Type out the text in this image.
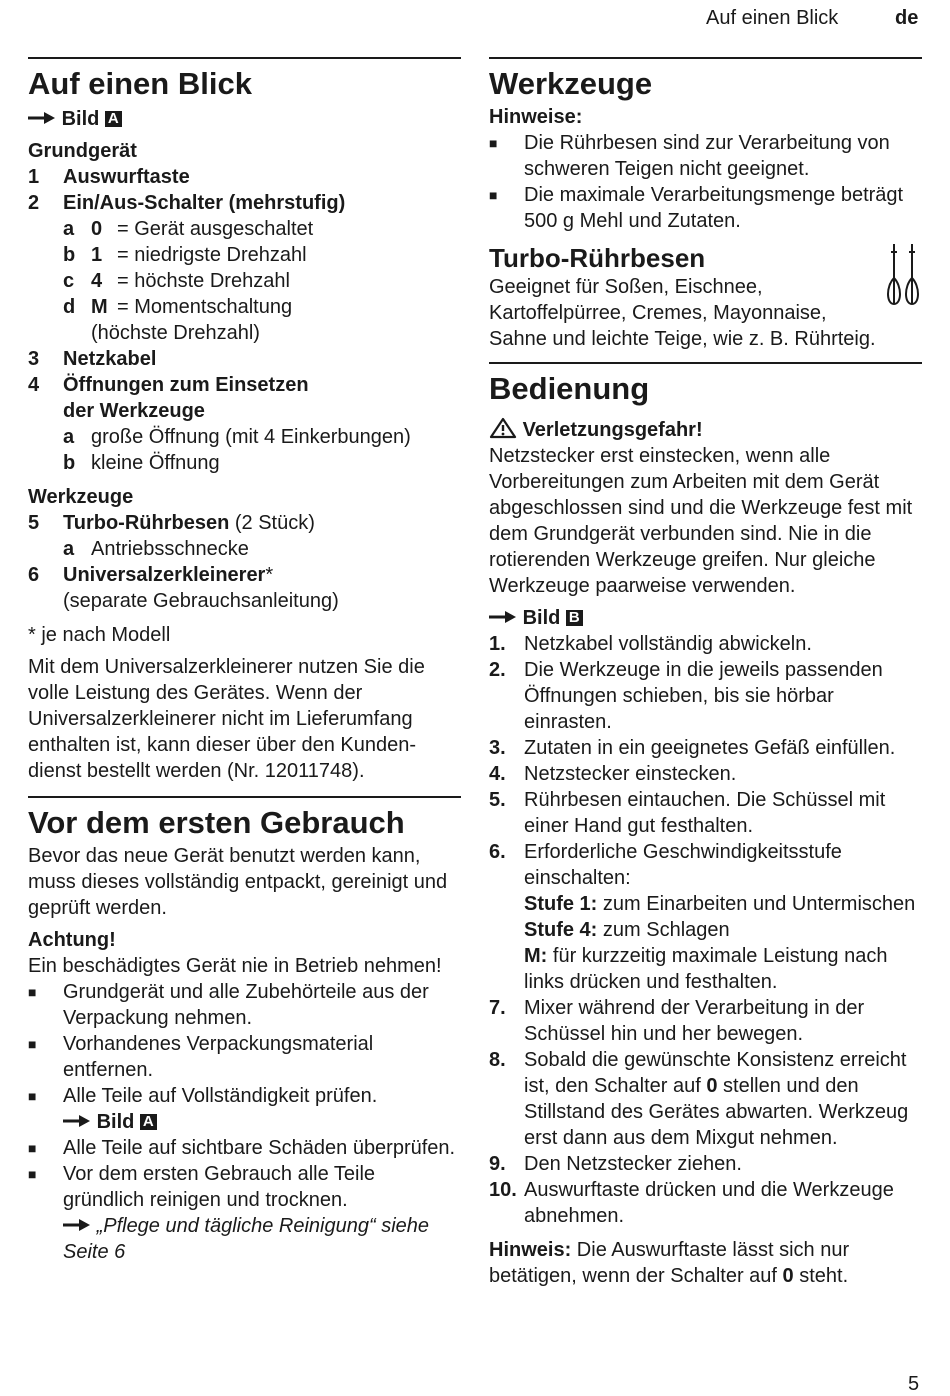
Auf einen Blick	de
Auf einen Blick
Bild A
Grundgerät
1	Auswurftaste
2	Ein/Aus-Schalter (mehrstufig)
a 0 = Gerät ausgeschaltet
b 1 = niedrigste Drehzahl
c 4 = höchste Drehzahl
d M = Momentschaltung
(höchste Drehzahl)
3	Netzkabel
4	Öffnungen zum Einsetzen
der Werkzeuge
a große Öffnung (mit 4 Einkerbungen)
b kleine Öffnung
Werkzeuge
5	Turbo-Rührbesen (2 Stück)
a Antriebsschnecke
6	Universalzerkleinerer*
(separate Gebrauchsanleitung)
* je nach Modell
Mit dem Universalzerkleinerer nutzen Sie die volle Leistung des Gerätes. Wenn der Universalzerkleinerer nicht im Lieferumfang enthalten ist, kann dieser über den Kundendienst bestellt werden (Nr. 12011748).
Vor dem ersten Gebrauch
Bevor das neue Gerät benutzt werden kann, muss dieses vollständig entpackt, gereinigt und geprüft werden.
Achtung!
Ein beschädigtes Gerät nie in Betrieb nehmen!
■	Grundgerät und alle Zubehörteile aus der Verpackung nehmen.
■	Vorhandenes Verpackungsmaterial entfernen.
■	Alle Teile auf Vollständigkeit prüfen.
Bild A
■	Alle Teile auf sichtbare Schäden überprüfen.
■	Vor dem ersten Gebrauch alle Teile gründlich reinigen und trocknen.
„Pflege und tägliche Reinigung“ siehe Seite 6
Werkzeuge
Hinweise:
■	Die Rührbesen sind zur Verarbeitung von schweren Teigen nicht geeignet.
■	Die maximale Verarbeitungsmenge beträgt 500 g Mehl und Zutaten.
Turbo-Rührbesen
Geeignet für Soßen, Eischnee,
Kartoffelpürree, Cremes, Mayonnaise,
Sahne und leichte Teige, wie z. B. Rührteig.
Bedienung
Verletzungsgefahr!
Netzstecker erst einstecken, wenn alle Vorbereitungen zum Arbeiten mit dem Gerät abgeschlossen sind und die Werkzeuge fest mit dem Grundgerät verbunden sind. Nie in die rotierenden Werkzeuge greifen. Nur gleiche Werkzeuge paarweise verwenden.
Bild B
1. Netzkabel vollständig abwickeln.
2. Die Werkzeuge in die jeweils passenden Öffnungen schieben, bis sie hörbar einrasten.
3. Zutaten in ein geeignetes Gefäß einfüllen.
4. Netzstecker einstecken.
5. Rührbesen eintauchen. Die Schüssel mit einer Hand gut festhalten.
6. Erforderliche Geschwindigkeitsstufe einschalten:
Stufe 1: zum Einarbeiten und Untermischen
Stufe 4: zum Schlagen
M: für kurzzeitig maximale Leistung nach links drücken und festhalten.
7. Mixer während der Verarbeitung in der Schüssel hin und her bewegen.
8. Sobald die gewünschte Konsistenz erreicht ist, den Schalter auf 0 stellen und den Stillstand des Gerätes abwarten. Werkzeug erst dann aus dem Mixgut nehmen.
9. Den Netzstecker ziehen.
10. Auswurftaste drücken und die Werkzeuge abnehmen.
Hinweis: Die Auswurftaste lässt sich nur betätigen, wenn der Schalter auf 0 steht.
5
